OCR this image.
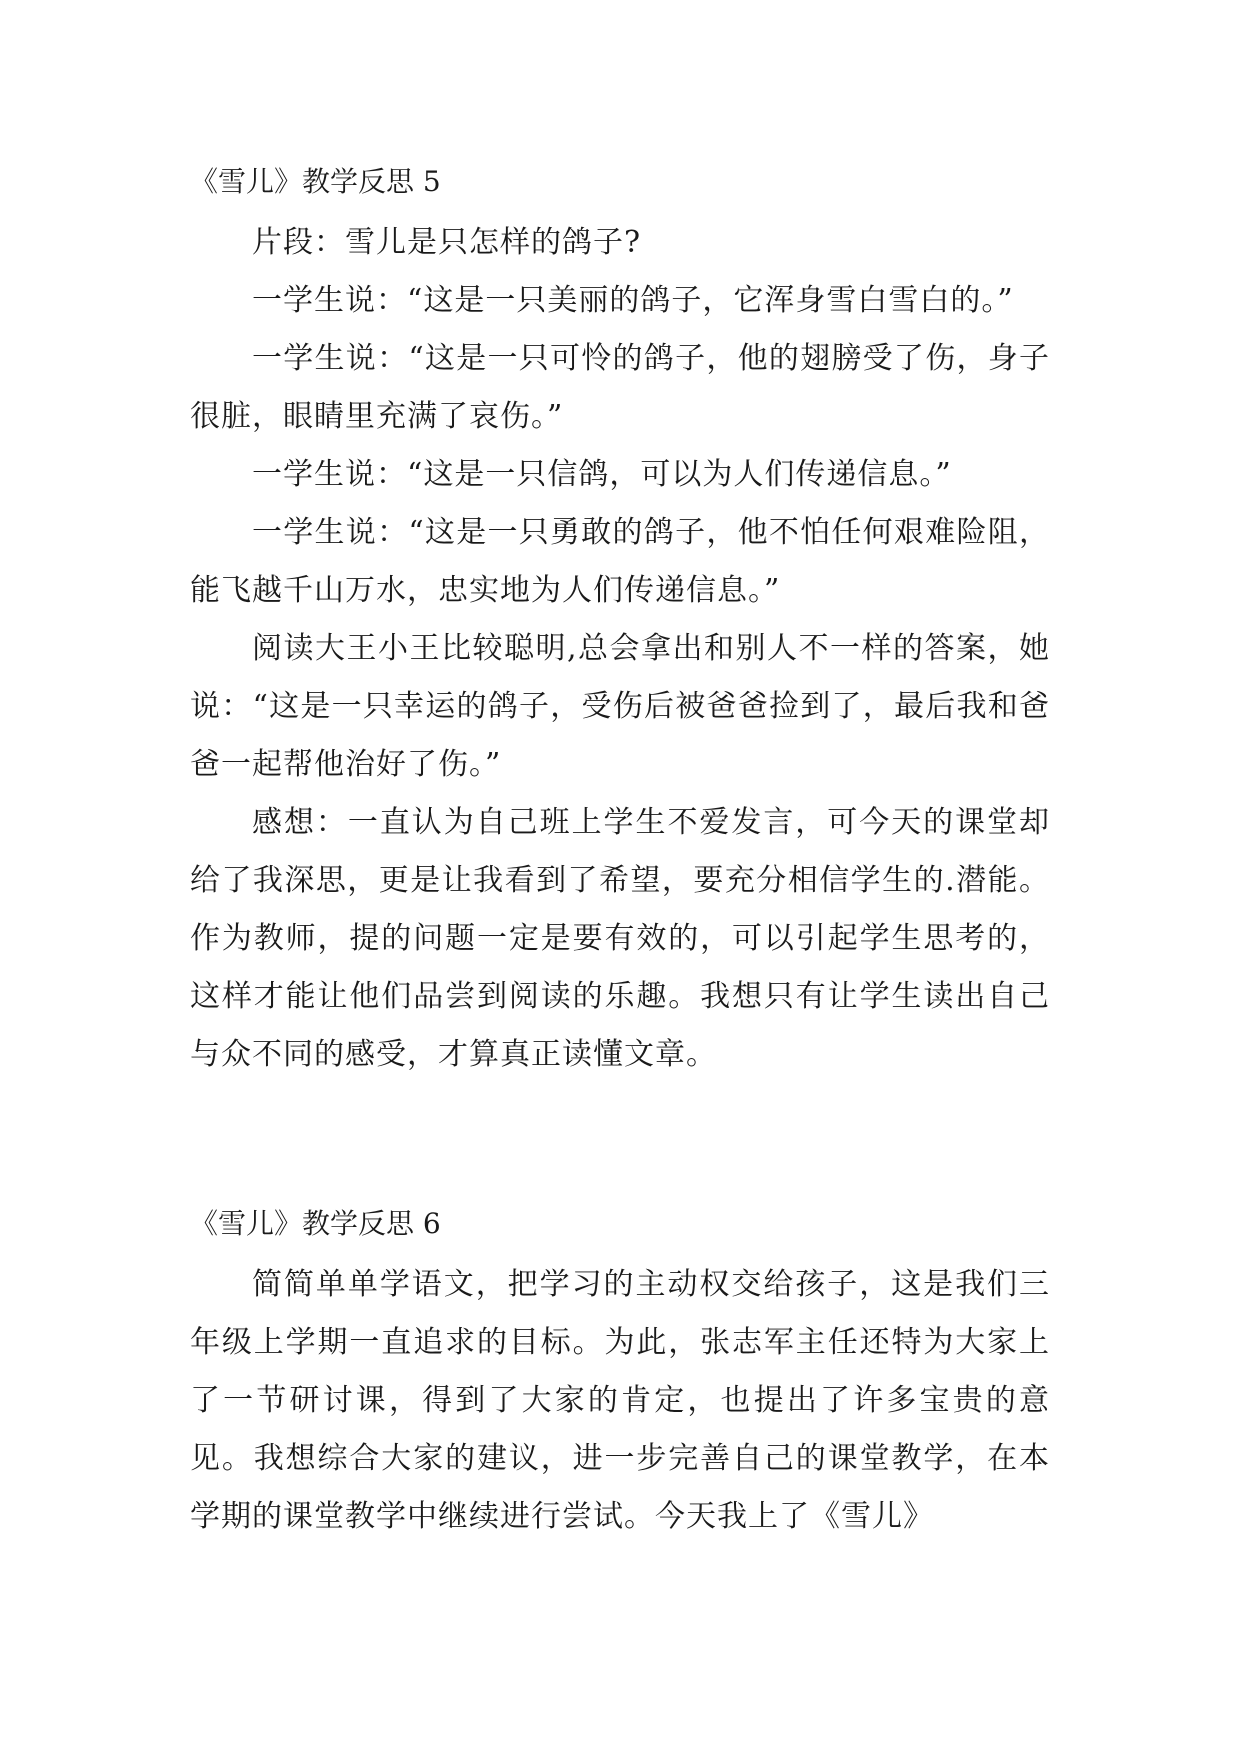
《雪儿》教学反思 5

片段：雪儿是只怎样的鸽子?

一学生说：“这是一只美丽的鸽子，它浑身雪白雪白的。”

一学生说：“这是一只可怜的鸽子，他的翅膀受了伤，身子很脏，眼睛里充满了哀伤。”

一学生说：“这是一只信鸽，可以为人们传递信息。”

一学生说：“这是一只勇敢的鸽子，他不怕任何艰难险阻，能飞越千山万水，忠实地为人们传递信息。”

阅读大王小王比较聪明,总会拿出和别人不一样的答案，她说：“这是一只幸运的鸽子，受伤后被爸爸捡到了，最后我和爸爸一起帮他治好了伤。”

感想：一直认为自己班上学生不爱发言，可今天的课堂却给了我深思，更是让我看到了希望，要充分相信学生的.潜能。作为教师，提的问题一定是要有效的，可以引起学生思考的，这样才能让他们品尝到阅读的乐趣。我想只有让学生读出自己与众不同的感受，才算真正读懂文章。

《雪儿》教学反思 6

简简单单学语文，把学习的主动权交给孩子，这是我们三年级上学期一直追求的目标。为此，张志军主任还特为大家上了一节研讨课，得到了大家的肯定，也提出了许多宝贵的意见。我想综合大家的建议，进一步完善自己的课堂教学，在本学期的课堂教学中继续进行尝试。今天我上了《雪儿》
